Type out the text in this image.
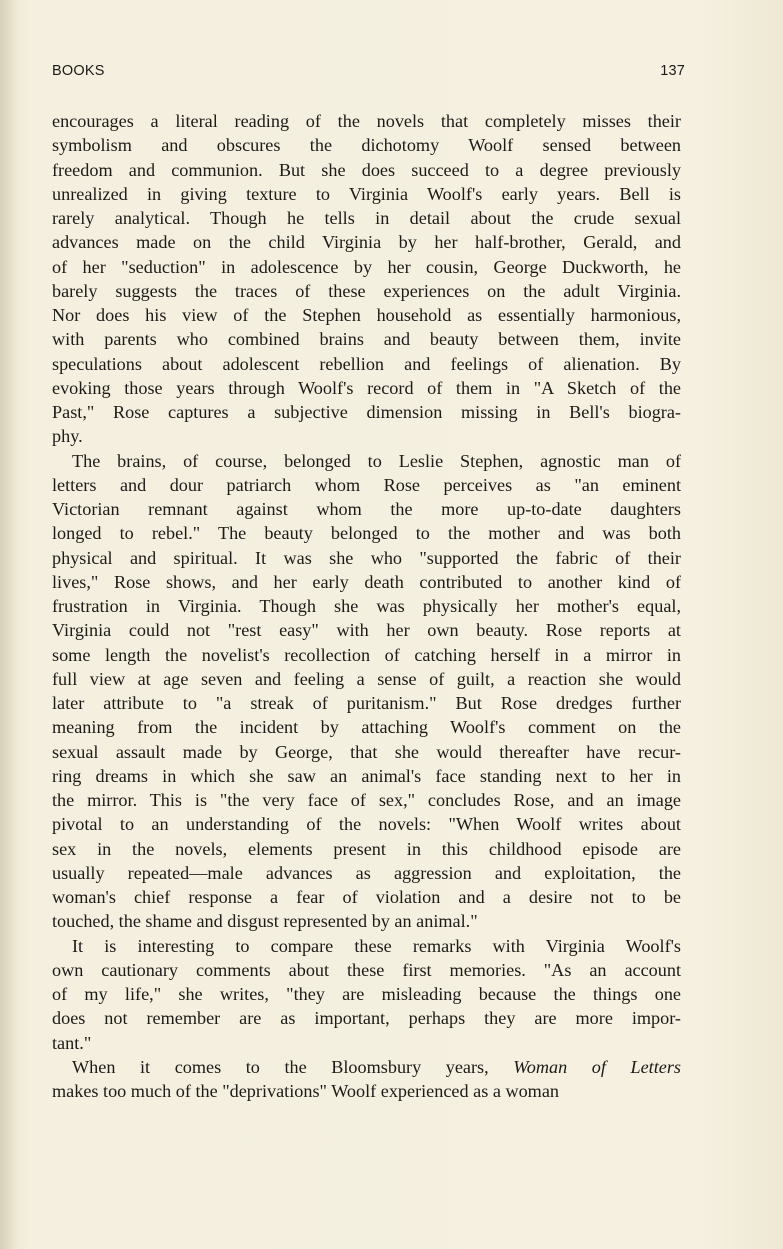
BOOKS	137
encourages a literal reading of the novels that completely misses their
symbolism and obscures the dichotomy Woolf sensed between
freedom and communion. But she does succeed to a degree previously
unrealized in giving texture to Virginia Woolf's early years. Bell is
rarely analytical. Though he tells in detail about the crude sexual
advances made on the child Virginia by her half-brother, Gerald, and
of her "seduction" in adolescence by her cousin, George Duckworth, he
barely suggests the traces of these experiences on the adult Virginia.
Nor does his view of the Stephen household as essentially harmonious,
with parents who combined brains and beauty between them, invite
speculations about adolescent rebellion and feelings of alienation. By
evoking those years through Woolf's record of them in "A Sketch of the
Past," Rose captures a subjective dimension missing in Bell's biogra-
phy.
The brains, of course, belonged to Leslie Stephen, agnostic man of
letters and dour patriarch whom Rose perceives as "an eminent
Victorian remnant against whom the more up-to-date daughters
longed to rebel." The beauty belonged to the mother and was both
physical and spiritual. It was she who "supported the fabric of their
lives," Rose shows, and her early death contributed to another kind of
frustration in Virginia. Though she was physically her mother's equal,
Virginia could not "rest easy" with her own beauty. Rose reports at
some length the novelist's recollection of catching herself in a mirror in
full view at age seven and feeling a sense of guilt, a reaction she would
later attribute to "a streak of puritanism." But Rose dredges further
meaning from the incident by attaching Woolf's comment on the
sexual assault made by George, that she would thereafter have recur-
ring dreams in which she saw an animal's face standing next to her in
the mirror. This is "the very face of sex," concludes Rose, and an image
pivotal to an understanding of the novels: "When Woolf writes about
sex in the novels, elements present in this childhood episode are
usually repeated—male advances as aggression and exploitation, the
woman's chief response a fear of violation and a desire not to be
touched, the shame and disgust represented by an animal."
It is interesting to compare these remarks with Virginia Woolf's
own cautionary comments about these first memories. "As an account
of my life," she writes, "they are misleading because the things one
does not remember are as important, perhaps they are more impor-
tant."
When it comes to the Bloomsbury years, Woman of Letters
makes too much of the "deprivations" Woolf experienced as a woman
